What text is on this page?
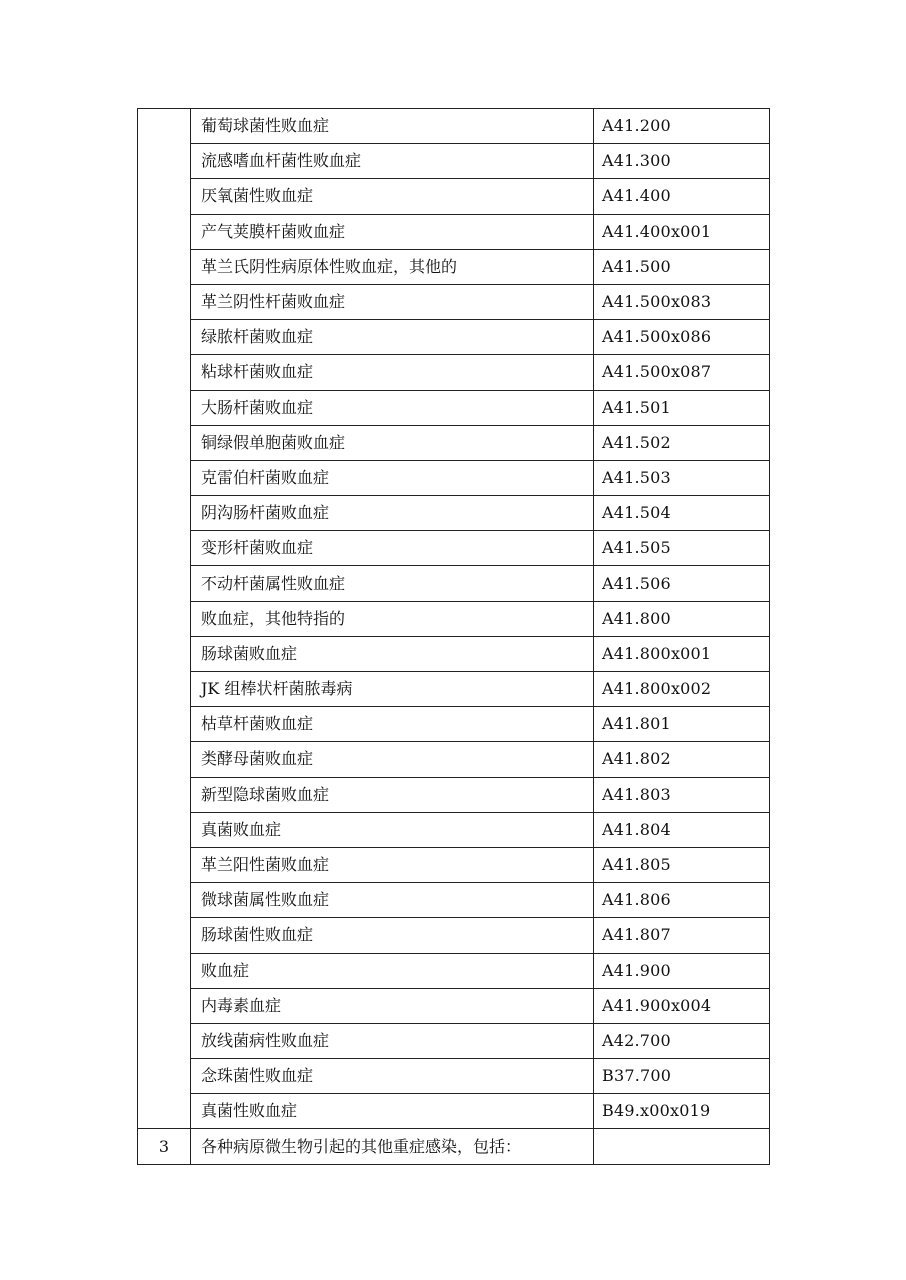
	葡萄球菌性败血症	A41.200
	流感嗜血杆菌性败血症	A41.300
	厌氧菌性败血症	A41.400
	产气荚膜杆菌败血症	A41.400x001
	革兰氏阴性病原体性败血症，其他的	A41.500
	革兰阴性杆菌败血症	A41.500x083
	绿脓杆菌败血症	A41.500x086
	粘球杆菌败血症	A41.500x087
	大肠杆菌败血症	A41.501
	铜绿假单胞菌败血症	A41.502
	克雷伯杆菌败血症	A41.503
	阴沟肠杆菌败血症	A41.504
	变形杆菌败血症	A41.505
	不动杆菌属性败血症	A41.506
	败血症，其他特指的	A41.800
	肠球菌败血症	A41.800x001
	JK 组棒状杆菌脓毒病	A41.800x002
	枯草杆菌败血症	A41.801
	类酵母菌败血症	A41.802
	新型隐球菌败血症	A41.803
	真菌败血症	A41.804
	革兰阳性菌败血症	A41.805
	微球菌属性败血症	A41.806
	肠球菌性败血症	A41.807
	败血症	A41.900
	内毒素血症	A41.900x004
	放线菌病性败血症	A42.700
	念珠菌性败血症	B37.700
	真菌性败血症	B49.x00x019
3	各种病原微生物引起的其他重症感染，包括：	
